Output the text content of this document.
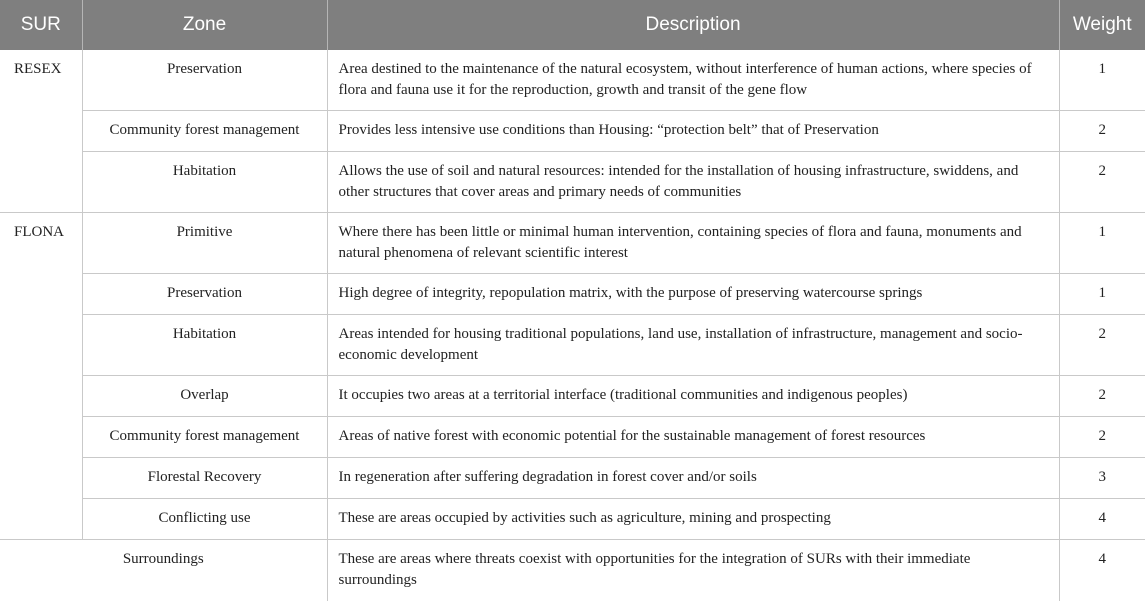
SUR	Zone	Description	Weight
RESEX	Preservation	Area destined to the maintenance of the natural ecosystem, without interference of human actions, where species of flora and fauna use it for the reproduction, growth and transit of the gene flow	1
	Community forest management	Provides less intensive use conditions than Housing: “protection belt” that of Preservation	2
	Habitation	Allows the use of soil and natural resources: intended for the installation of housing infrastructure, swiddens, and other structures that cover areas and primary needs of communities	2
FLONA	Primitive	Where there has been little or minimal human intervention, containing species of flora and fauna, monuments and natural phenomena of relevant scientific interest	1
	Preservation	High degree of integrity, repopulation matrix, with the purpose of preserving watercourse springs	1
	Habitation	Areas intended for housing traditional populations, land use, installation of infrastructure, management and socio-economic development	2
	Overlap	It occupies two areas at a territorial interface (traditional communities and indigenous peoples)	2
	Community forest management	Areas of native forest with economic potential for the sustainable management of forest resources	2
	Florestal Recovery	In regeneration after suffering degradation in forest cover and/or soils	3
	Conflicting use	These are areas occupied by activities such as agriculture, mining and prospecting	4
Surroundings		These are areas where threats coexist with opportunities for the integration of SURs with their immediate surroundings	4
